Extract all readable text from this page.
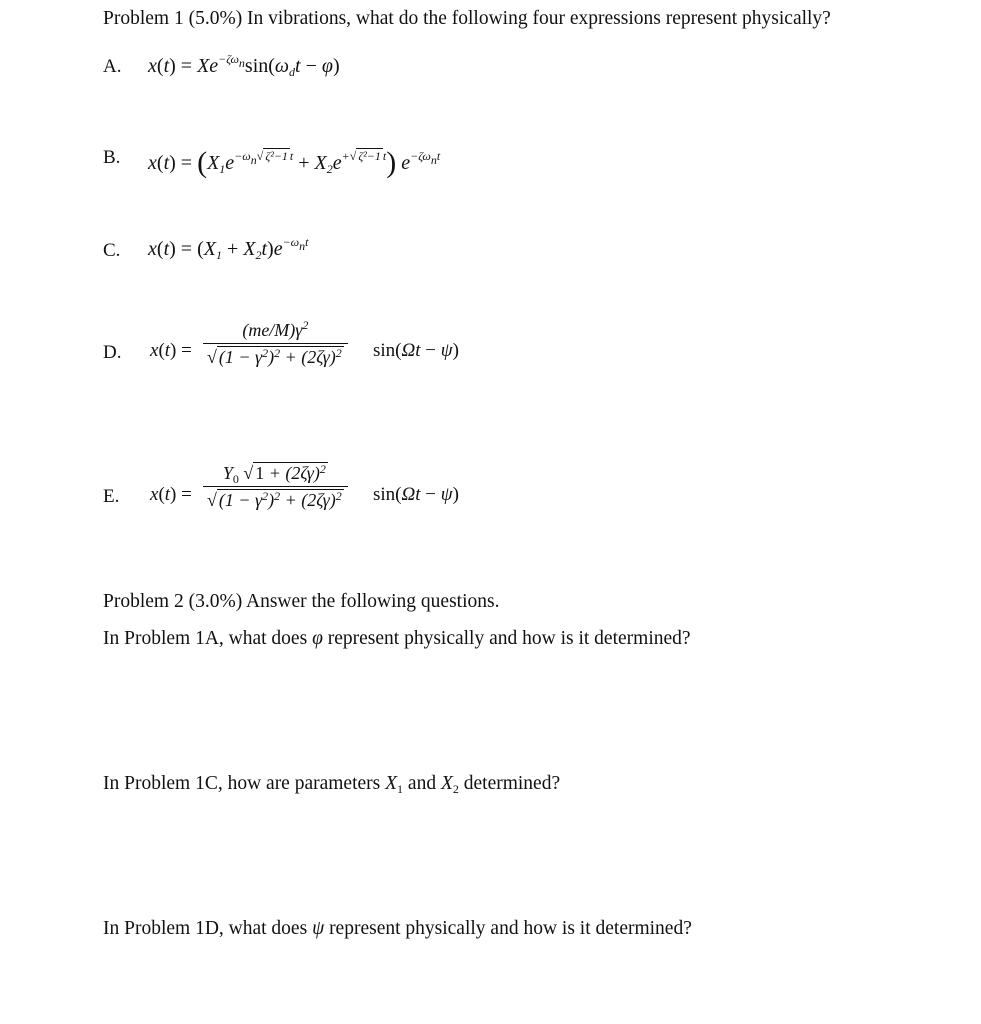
Problem 1 (5.0%) In vibrations, what do the following four expressions represent physically?
A. $x(t) = Xe^{-\zeta\omega n}\sin(\omega_dt - \varphi)$
B. $x(t) = (X_1e^{-\omega n√ \zeta^2-1 t} + X_2e^{+√ \zeta^2-1 t})$ $e^{-\zeta\omega nt}$
C. $x(t) = (X_1 + X_2t)e^{-\omega nt}$
D. x(t) =
$(me/M)\gamma^2$
√ $(1 - \gamma^2)^2 + (2\zeta\gamma)^2$	sin(Ωt − ψ)
E. x(t) =
$Y_0$ √ $1 + (2\zeta\gamma)^2$
√ $(1 - \gamma^2)^2 + (2\zeta\gamma)^2$	sin(Ωt − ψ)
Problem 2 (3.0%) Answer the following questions.
In Problem 1A, what does φ represent physically and how is it determined?
In Problem 1C, how are parameters $X_1$ and $X_2$ determined?
In Problem 1D, what does ψ represent physically and how is it determined?
